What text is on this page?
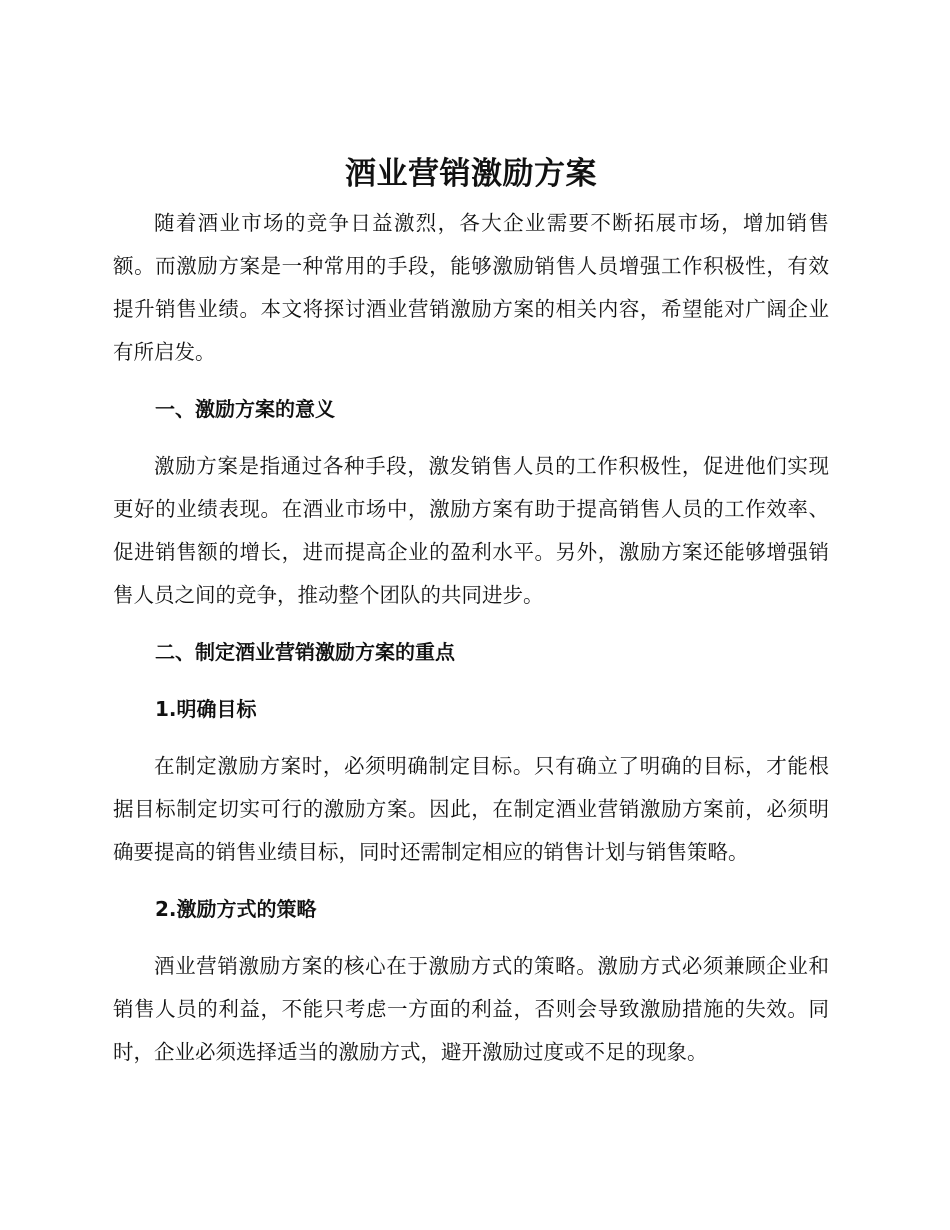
酒业营销激励方案

随着酒业市场的竞争日益激烈，各大企业需要不断拓展市场，增加销售额。而激励方案是一种常用的手段，能够激励销售人员增强工作积极性，有效提升销售业绩。本文将探讨酒业营销激励方案的相关内容，希望能对广阔企业有所启发。

一、激励方案的意义

激励方案是指通过各种手段，激发销售人员的工作积极性，促进他们实现更好的业绩表现。在酒业市场中，激励方案有助于提高销售人员的工作效率、促进销售额的增长，进而提高企业的盈利水平。另外，激励方案还能够增强销售人员之间的竞争，推动整个团队的共同进步。

二、制定酒业营销激励方案的重点
1.明确目标

在制定激励方案时，必须明确制定目标。只有确立了明确的目标，才能根据目标制定切实可行的激励方案。因此，在制定酒业营销激励方案前，必须明确要提高的销售业绩目标，同时还需制定相应的销售计划与销售策略。

2.激励方式的策略

酒业营销激励方案的核心在于激励方式的策略。激励方式必须兼顾企业和销售人员的利益，不能只考虑一方面的利益，否则会导致激励措施的失效。同时，企业必须选择适当的激励方式，避开激励过度或不足的现象。
